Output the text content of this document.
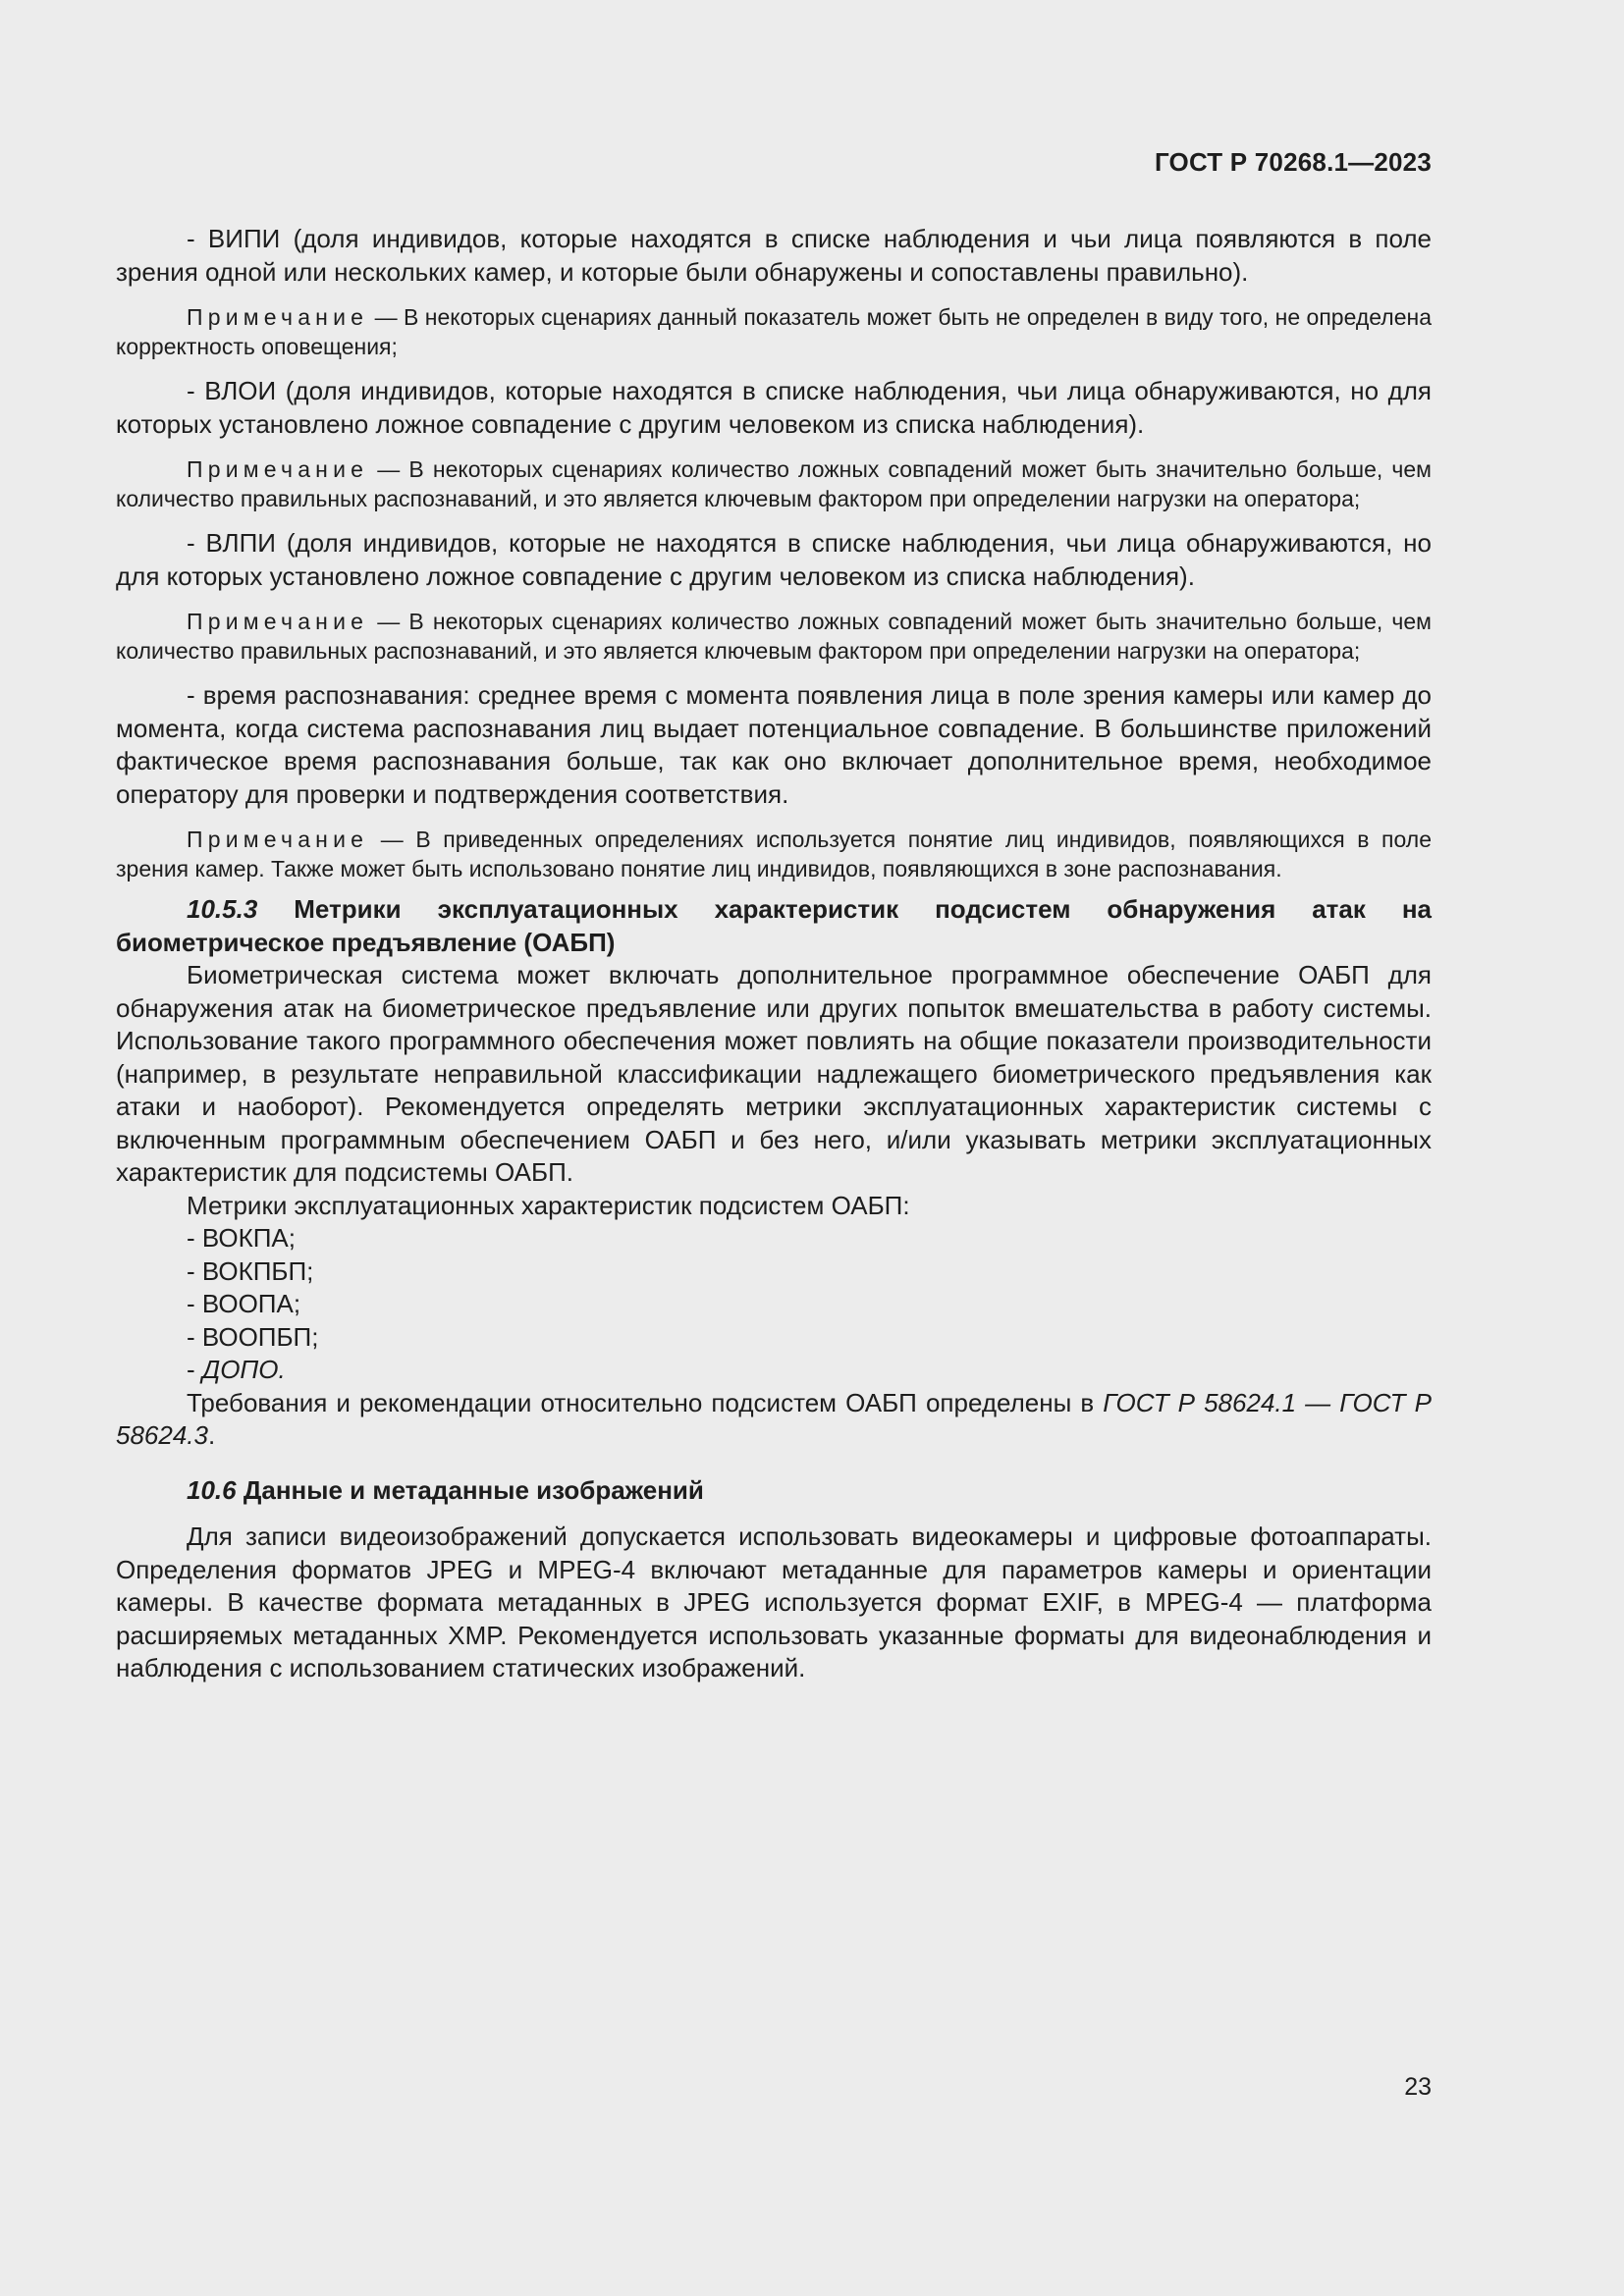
ГОСТ Р 70268.1—2023

- ВИПИ (доля индивидов, которые находятся в списке наблюдения и чьи лица появляются в поле зрения одной или нескольких камер, и которые были обнаружены и сопоставлены правильно).

Примечание — В некоторых сценариях данный показатель может быть не определен в виду того, не определена корректность оповещения;

- ВЛОИ (доля индивидов, которые находятся в списке наблюдения, чьи лица обнаруживаются, но для которых установлено ложное совпадение с другим человеком из списка наблюдения).

Примечание — В некоторых сценариях количество ложных совпадений может быть значительно больше, чем количество правильных распознаваний, и это является ключевым фактором при определении нагрузки на оператора;

- ВЛПИ (доля индивидов, которые не находятся в списке наблюдения, чьи лица обнаруживаются, но для которых установлено ложное совпадение с другим человеком из списка наблюдения).

Примечание — В некоторых сценариях количество ложных совпадений может быть значительно больше, чем количество правильных распознаваний, и это является ключевым фактором при определении нагрузки на оператора;

- время распознавания: среднее время с момента появления лица в поле зрения камеры или камер до момента, когда система распознавания лиц выдает потенциальное совпадение. В большинстве приложений фактическое время распознавания больше, так как оно включает дополнительное время, необходимое оператору для проверки и подтверждения соответствия.

Примечание — В приведенных определениях используется понятие лиц индивидов, появляющихся в поле зрения камер. Также может быть использовано понятие лиц индивидов, появляющихся в зоне распознавания.

10.5.3 Метрики эксплуатационных характеристик подсистем обнаружения атак на биометрическое предъявление (ОАБП)

Биометрическая система может включать дополнительное программное обеспечение ОАБП для обнаружения атак на биометрическое предъявление или других попыток вмешательства в работу системы. Использование такого программного обеспечения может повлиять на общие показатели производительности (например, в результате неправильной классификации надлежащего биометрического предъявления как атаки и наоборот). Рекомендуется определять метрики эксплуатационных характеристик системы с включенным программным обеспечением ОАБП и без него, и/или указывать метрики эксплуатационных характеристик для подсистемы ОАБП.

Метрики эксплуатационных характеристик подсистем ОАБП:

- ВОКПА;
- ВОКПБП;
- ВООПА;
- ВООПБП;
- ДОПО.

Требования и рекомендации относительно подсистем ОАБП определены в ГОСТ Р 58624.1 — ГОСТ Р 58624.3.

10.6 Данные и метаданные изображений

Для записи видеоизображений допускается использовать видеокамеры и цифровые фотоаппараты. Определения форматов JPEG и MPEG-4 включают метаданные для параметров камеры и ориентации камеры. В качестве формата метаданных в JPEG используется формат EXIF, в MPEG-4 — платформа расширяемых метаданных XMP. Рекомендуется использовать указанные форматы для видеонаблюдения и наблюдения с использованием статических изображений.

23
